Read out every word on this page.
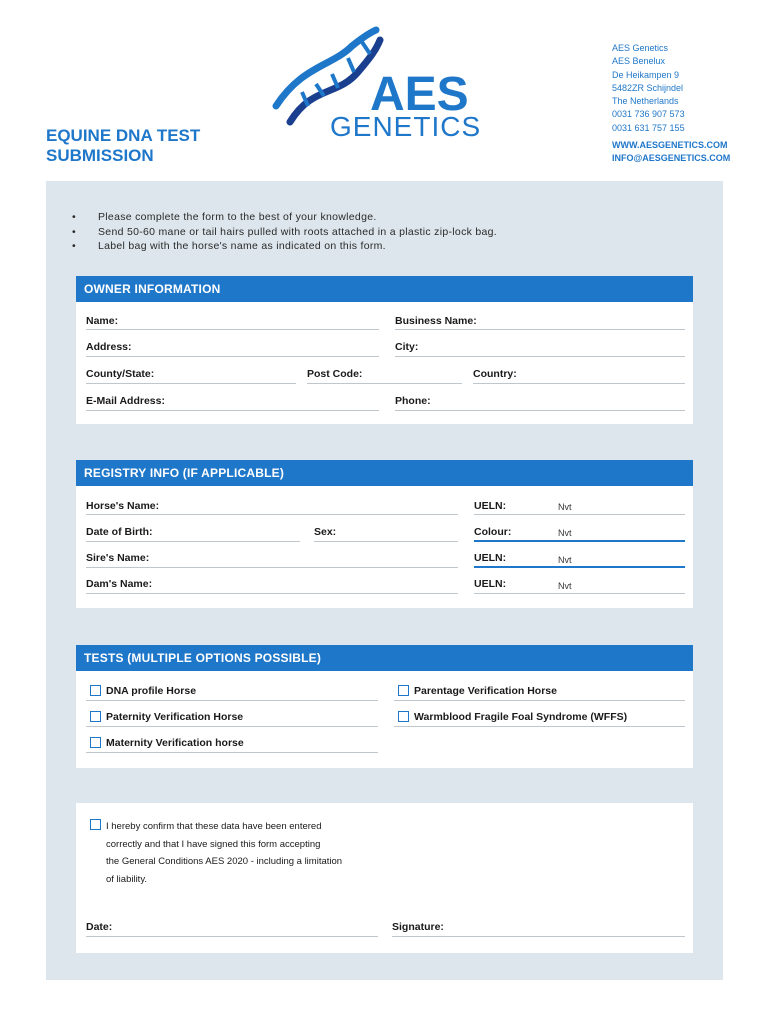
EQUINE DNA TEST
SUBMISSION
AES
GENETICS
AES Genetics
AES Benelux
De Heikampen 9
5482ZR Schijndel
The Netherlands
0031 736 907 573
0031 631 757 155
WWW.AESGENETICS.COM
INFO@AESGENETICS.COM
•	Please complete the form to the best of your knowledge.
•	Send 50-60 mane or tail hairs pulled with roots attached in a plastic zip-lock bag.
•	Label bag with the horse's name as indicated on this form.
OWNER INFORMATION
Name:	Business Name:
Address:	City:
County/State:	Post Code:	Country:
E-Mail Address:	Phone:
REGISTRY INFO (IF APPLICABLE)
Horse's Name:	UELN:	Nvt
Date of Birth:	Sex:	Colour:	Nvt
Sire's Name:	UELN:	Nvt
Dam's Name:	UELN:	Nvt
TESTS (MULTIPLE OPTIONS POSSIBLE)
DNA profile Horse	Parentage Verification Horse
Paternity Verification Horse	Warmblood Fragile Foal Syndrome (WFFS)
Maternity Verification horse
I hereby confirm that these data have been entered
correctly and that I have signed this form accepting
the General Conditions AES 2020 - including a limitation
of liability.
Date:	Signature:
